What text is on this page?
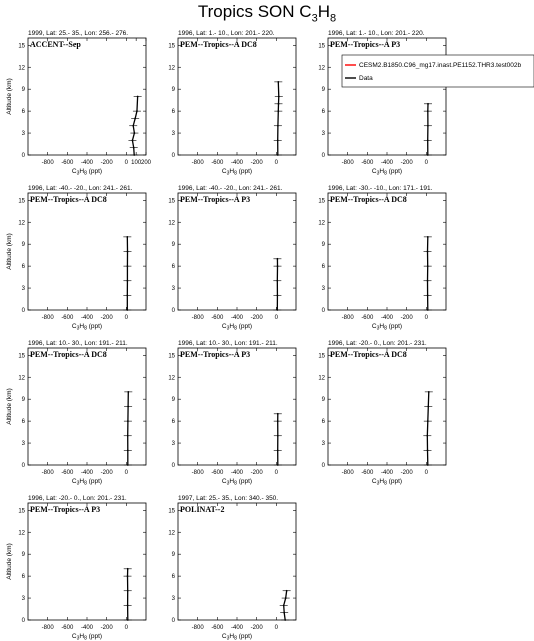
Tropics SON $C_3H_8$
1999, Lat: 25.- 35., Lon: 256.- 276.
ACCENT--Sep
0
3
6
9
12
15
-800 -600 -400 -200 0 100 200
$C_3H_8$ (ppt)
Altitude (km)
1996, Lat: 1.- 10., Lon: 201.- 220.
PEM--Tropics--A DC8
0
3
6
9
12
15
-800 -600 -400 -200 0
$C_3H_8$ (ppt)
1996, Lat: 1.- 10., Lon: 201.- 220.
PEM--Tropics--A P3
0
3
6
9
12
15
-800 -600 -400 -200 0
$C_3H_8$ (ppt)
1996, Lat: -40.- -20., Lon: 241.- 261.
PEM--Tropics--A DC8
0
3
6
9
12
15
-800 -600 -400 -200 0
$C_3H_8$ (ppt)
Altitude (km)
1996, Lat: -40.- -20., Lon: 241.- 261.
PEM--Tropics--A P3
0
3
6
9
12
15
-800 -600 -400 -200 0
$C_3H_8$ (ppt)
1996, Lat: -30.- -10., Lon: 171.- 191.
PEM--Tropics--A DC8
0
3
6
9
12
15
-800 -600 -400 -200 0
$C_3H_8$ (ppt)
1996, Lat: 10.- 30., Lon: 191.- 211.
PEM--Tropics--A DC8
0
3
6
9
12
15
-800 -600 -400 -200 0
$C_3H_8$ (ppt)
Altitude (km)
1996, Lat: 10.- 30., Lon: 191.- 211.
PEM--Tropics--A P3
0
3
6
9
12
15
-800 -600 -400 -200 0
$C_3H_8$ (ppt)
1996, Lat: -20.- 0., Lon: 201.- 231.
PEM--Tropics--A DC8
0
3
6
9
12
15
-800 -600 -400 -200 0
$C_3H_8$ (ppt)
1996, Lat: -20.- 0., Lon: 201.- 231.
PEM--Tropics--A P3
0
3
6
9
12
15
-800 -600 -400 -200 0
$C_3H_8$ (ppt)
Altitude (km)
1997, Lat: 25.- 35., Lon: 340.- 350.
POLINAT--2
0
3
6
9
12
15
-800 -600 -400 -200 0
$C_3H_8$ (ppt)
CESM2.B1850.C96_mg17.inast.PE1152.THR3.test002b
Data
